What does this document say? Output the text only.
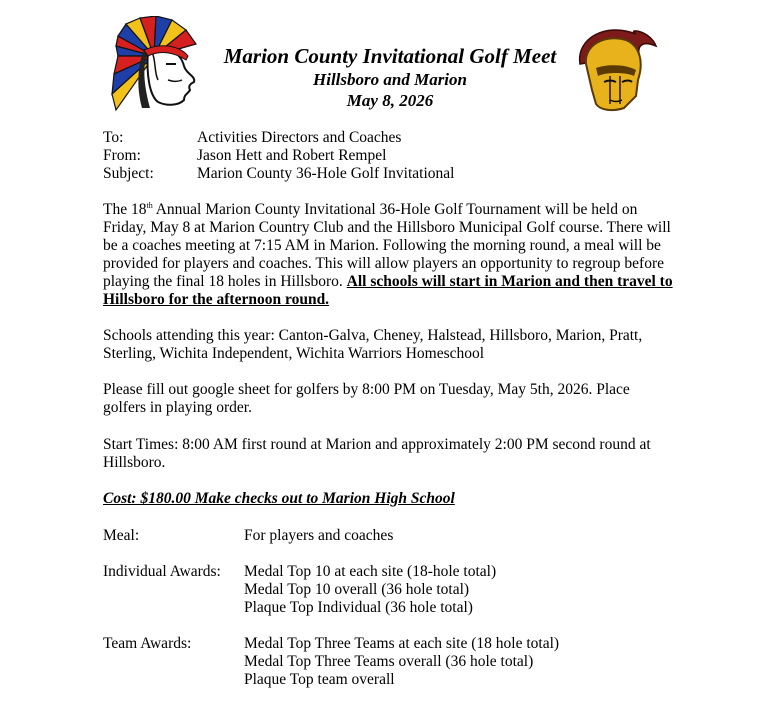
Marion County Invitational Golf Meet
Hillsboro and Marion
May 8, 2026
To:	Activities Directors and Coaches
From:	Jason Hett and Robert Rempel
Subject:	Marion County 36-Hole Golf Invitational
The 18th Annual Marion County Invitational 36-Hole Golf Tournament will be held on Friday, May 8 at Marion Country Club and the Hillsboro Municipal Golf course. There will be a coaches meeting at 7:15 AM in Marion. Following the morning round, a meal will be provided for players and coaches. This will allow players an opportunity to regroup before playing the final 18 holes in Hillsboro. All schools will start in Marion and then travel to Hillsboro for the afternoon round.
Schools attending this year: Canton-Galva, Cheney, Halstead, Hillsboro, Marion, Pratt, Sterling, Wichita Independent, Wichita Warriors Homeschool
Please fill out google sheet for golfers by 8:00 PM on Tuesday, May 5th, 2026. Place golfers in playing order.
Start Times: 8:00 AM first round at Marion and approximately 2:00 PM second round at Hillsboro.
Cost: $180.00 Make checks out to Marion High School
Meal:	For players and coaches
Individual Awards: Medal Top 10 at each site (18-hole total)
Medal Top 10 overall (36 hole total)
Plaque Top Individual (36 hole total)
Team Awards:	Medal Top Three Teams at each site (18 hole total)
Medal Top Three Teams overall (36 hole total)
Plaque Top team overall
